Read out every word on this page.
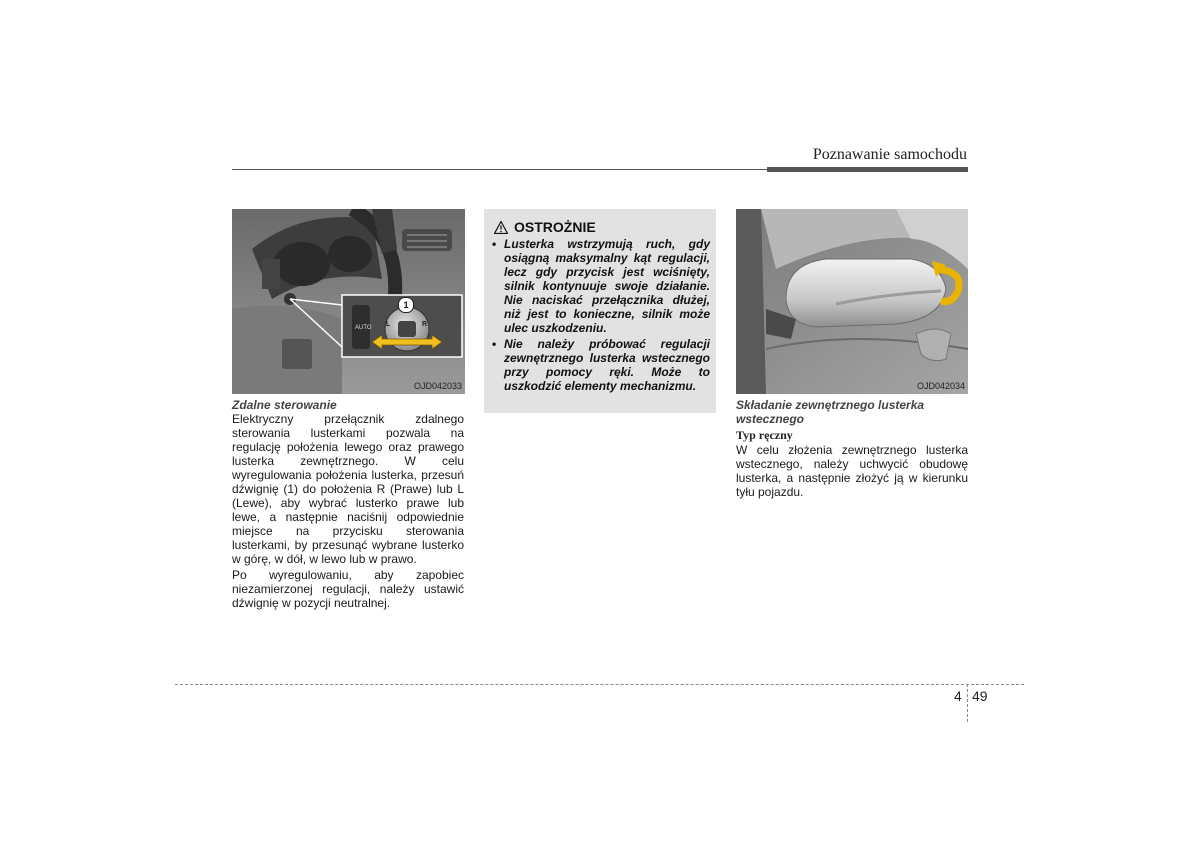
Poznawanie samochodu
AUTO L	R
1
OJD042033
Zdalne sterowanie

Elektryczny przełącznik zdalnego sterowania lusterkami pozwala na regulację położenia lewego oraz prawego lusterka zewnętrznego. W celu wyregulowania położenia lusterka, przesuń dźwignię (1) do położenia R (Prawe) lub L (Lewe), aby wybrać lusterko prawe lub lewe, a następnie naciśnij odpowiednie miejsce na przycisku sterowania lusterkami, by przesunąć wybrane lusterko w górę, w dół, w lewo lub w prawo.

Po wyregulowaniu, aby zapobiec niezamierzonej regulacji, należy ustawić dźwignię w pozycji neutralnej.

OSTROŻNIE
• Lusterka wstrzymują ruch, gdy osiągną maksymalny kąt regulacji, lecz gdy przycisk jest wciśnięty, silnik kontynuuje swoje działanie. Nie naciskać przełącznika dłużej, niż jest to konieczne, silnik może ulec uszkodzeniu.
• Nie należy próbować regulacji zewnętrznego lusterka wstecznego przy pomocy ręki. Może to uszkodzić elementy mechanizmu.	OJD042034
Składanie zewnętrznego lusterka wstecznego
Typ ręczny
W celu złożenia zewnętrznego lusterka wstecznego, należy uchwycić obudowę lusterka, a następnie złożyć ją w kierunku tyłu pojazdu.
4 49
